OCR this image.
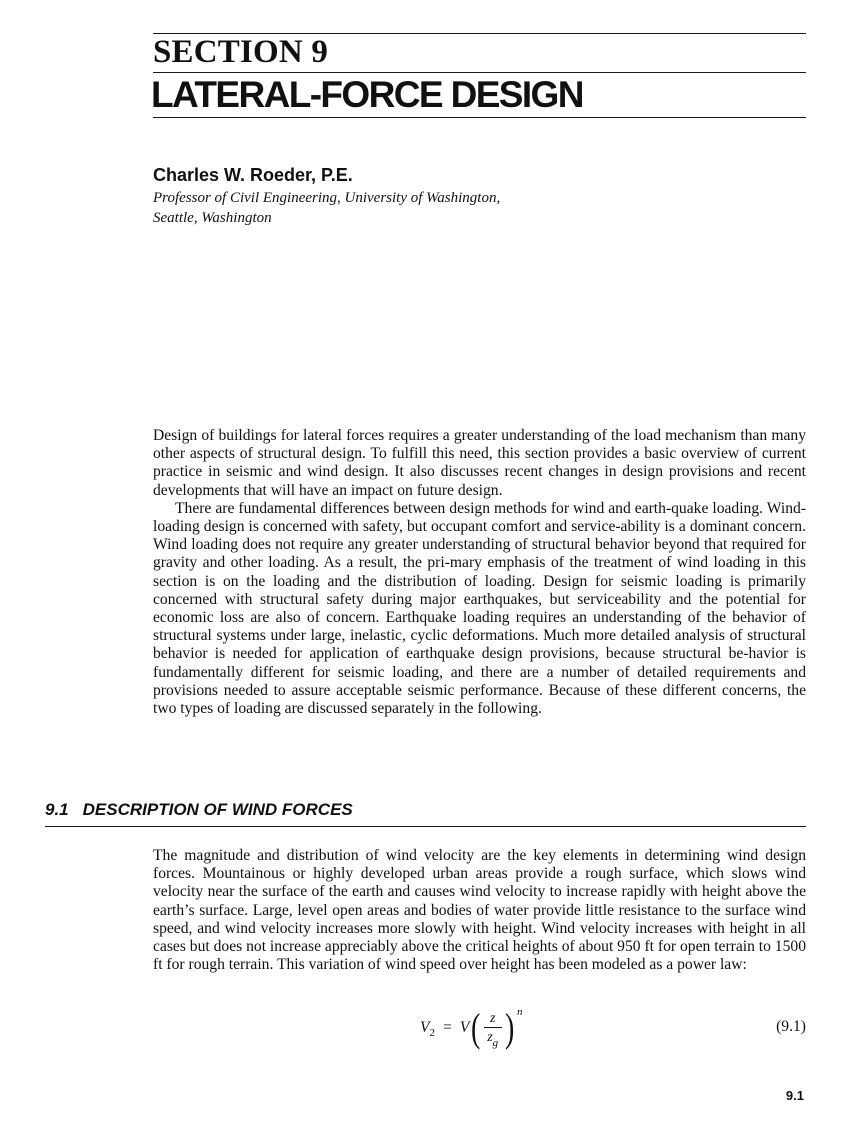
SECTION 9
LATERAL-FORCE DESIGN
Charles W. Roeder, P.E.
Professor of Civil Engineering, University of Washington,
Seattle, Washington

Design of buildings for lateral forces requires a greater understanding of the load mechanism than many other aspects of structural design. To fulfill this need, this section provides a basic overview of current practice in seismic and wind design. It also discusses recent changes in design provisions and recent developments that will have an impact on future design.

There are fundamental differences between design methods for wind and earth-quake loading. Wind-loading design is concerned with safety, but occupant comfort and service-ability is a dominant concern. Wind loading does not require any greater understanding of structural behavior beyond that required for gravity and other loading. As a result, the pri-mary emphasis of the treatment of wind loading in this section is on the loading and the distribution of loading. Design for seismic loading is primarily concerned with structural safety during major earthquakes, but serviceability and the potential for economic loss are also of concern. Earthquake loading requires an understanding of the behavior of structural systems under large, inelastic, cyclic deformations. Much more detailed analysis of structural behavior is needed for application of earthquake design provisions, because structural be-havior is fundamentally different for seismic loading, and there are a number of detailed requirements and provisions needed to assure acceptable seismic performance. Because of these different concerns, the two types of loading are discussed separately in the following.

9.1 DESCRIPTION OF WIND FORCES

The magnitude and distribution of wind velocity are the key elements in determining wind design forces. Mountainous or highly developed urban areas provide a rough surface, which slows wind velocity near the surface of the earth and causes wind velocity to increase rapidly with height above the earth’s surface. Large, level open areas and bodies of water provide little resistance to the surface wind speed, and wind velocity increases more slowly with height. Wind velocity increases with height in all cases but does not increase appreciably above the critical heights of about 950 ft for open terrain to 1500 ft for rough terrain. This variation of wind speed over height has been modeled as a power law:

V 2 = V ( $\frac{z}{z_g}$ ) n
(9.1)
9.1
